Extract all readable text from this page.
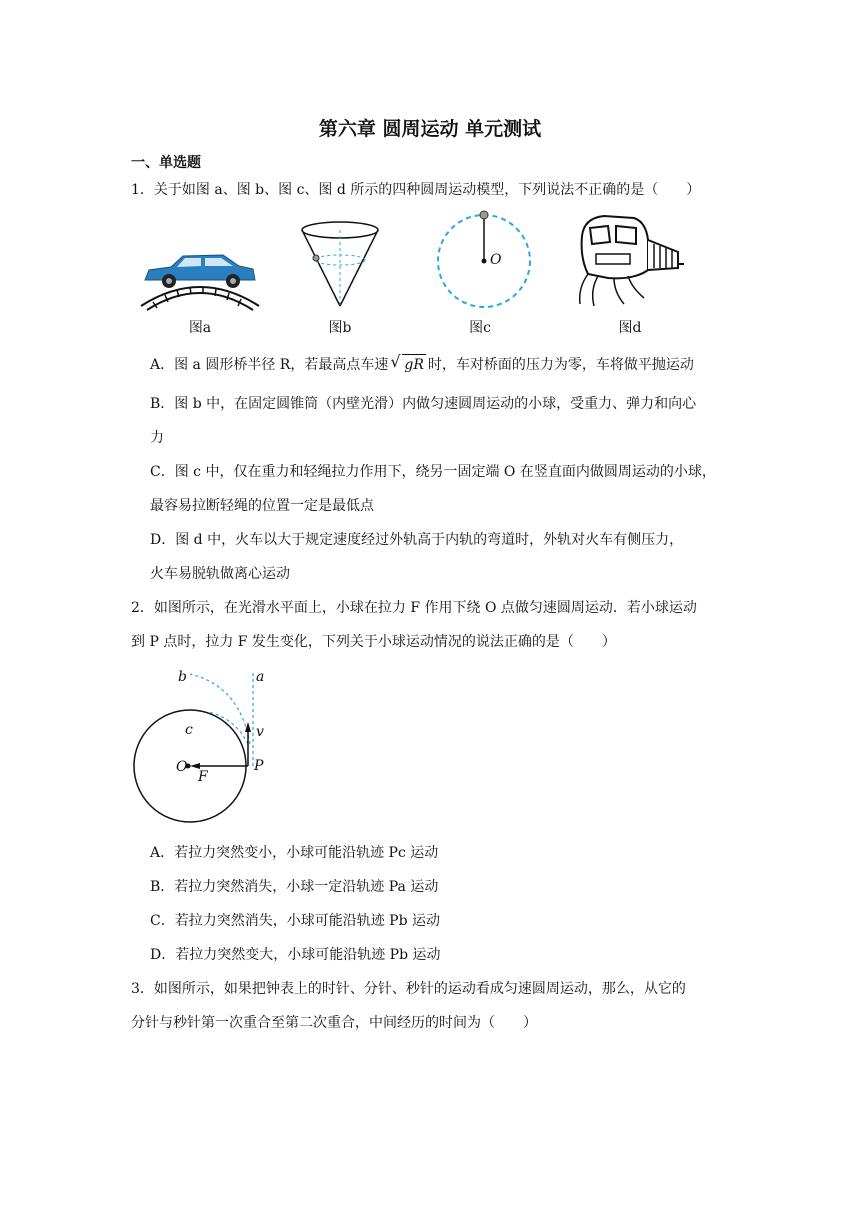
第六章 圆周运动 单元测试
一、单选题
1．关于如图 a、图 b、图 c、图 d 所示的四种圆周运动模型，下列说法不正确的是（　　）
图a	图b
O
图c	图d
A．图 a 圆形桥半径 R，若最高点车速 √ gR 时，车对桥面的压力为零，车将做平抛运动
B．图 b 中，在固定圆锥筒（内壁光滑）内做匀速圆周运动的小球，受重力、弹力和向心
力
C．图 c 中，仅在重力和轻绳拉力作用下，绕另一固定端 O 在竖直面内做圆周运动的小球，
最容易拉断轻绳的位置一定是最低点
D．图 d 中，火车以大于规定速度经过外轨高于内轨的弯道时，外轨对火车有侧压力，
火车易脱轨做离心运动
2．如图所示，在光滑水平面上，小球在拉力 F 作用下绕 O 点做匀速圆周运动．若小球运动
到 P 点时，拉力 F 发生变化，下列关于小球运动情况的说法正确的是（　　）
b	a
c	v
O
F
P
A．若拉力突然变小，小球可能沿轨迹 Pc 运动
B．若拉力突然消失，小球一定沿轨迹 Pa 运动
C．若拉力突然消失，小球可能沿轨迹 Pb 运动
D．若拉力突然变大，小球可能沿轨迹 Pb 运动
3．如图所示，如果把钟表上的时针、分针、秒针的运动看成匀速圆周运动，那么，从它的
分针与秒针第一次重合至第二次重合，中间经历的时间为（　　）
